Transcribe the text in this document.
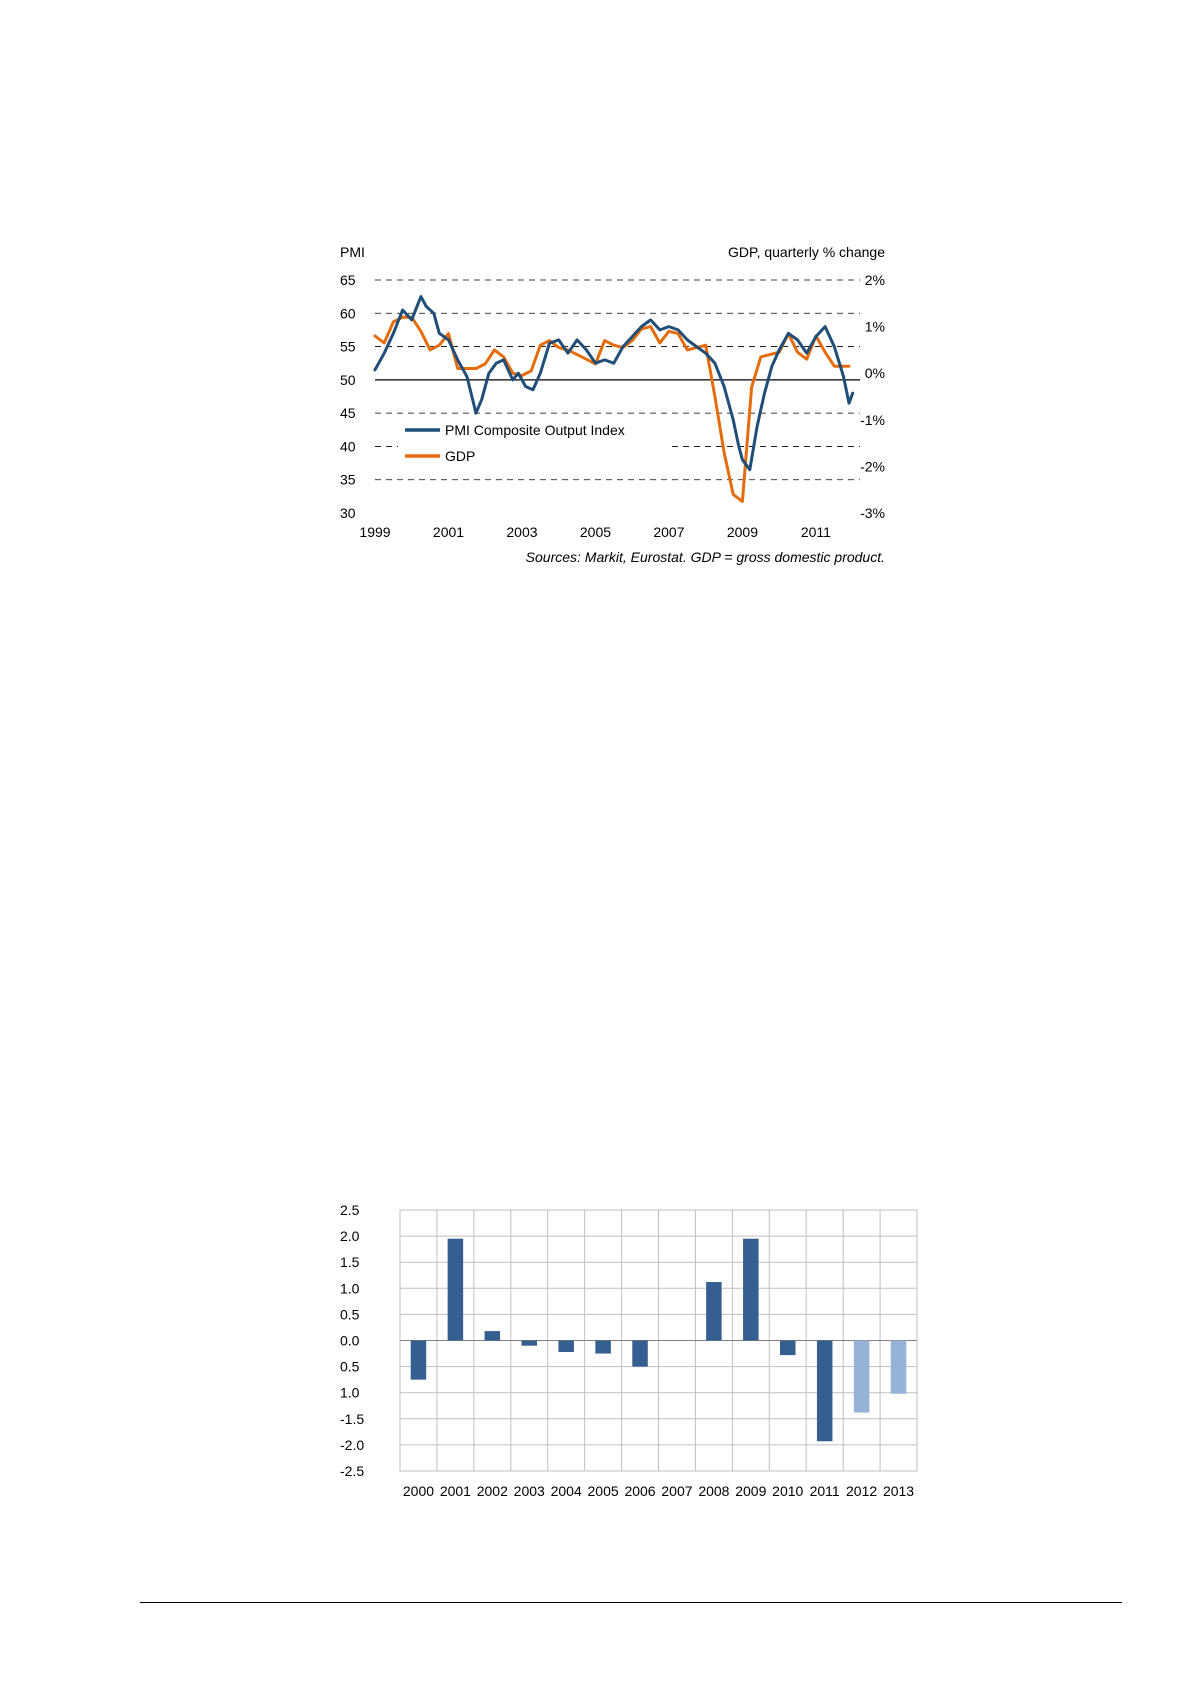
PMI	GDP, quarterly % change
65
60
55
50
45
40
35
30
2%
1%
0%
-1%
-2%
-3%
1999	2001	2003	2005	2007	2009	2011
PMI Composite Output Index
GDP
Sources: Markit, Eurostat. GDP = gross domestic product.
2.5
2.0
1.5
1.0
0.5
0.0
0.5
1.0
-1.5
-2.0
-2.5
2000 2001 2002 2003 2004 2005 2006 2007 2008 2009 2010 2011 2012 2013
